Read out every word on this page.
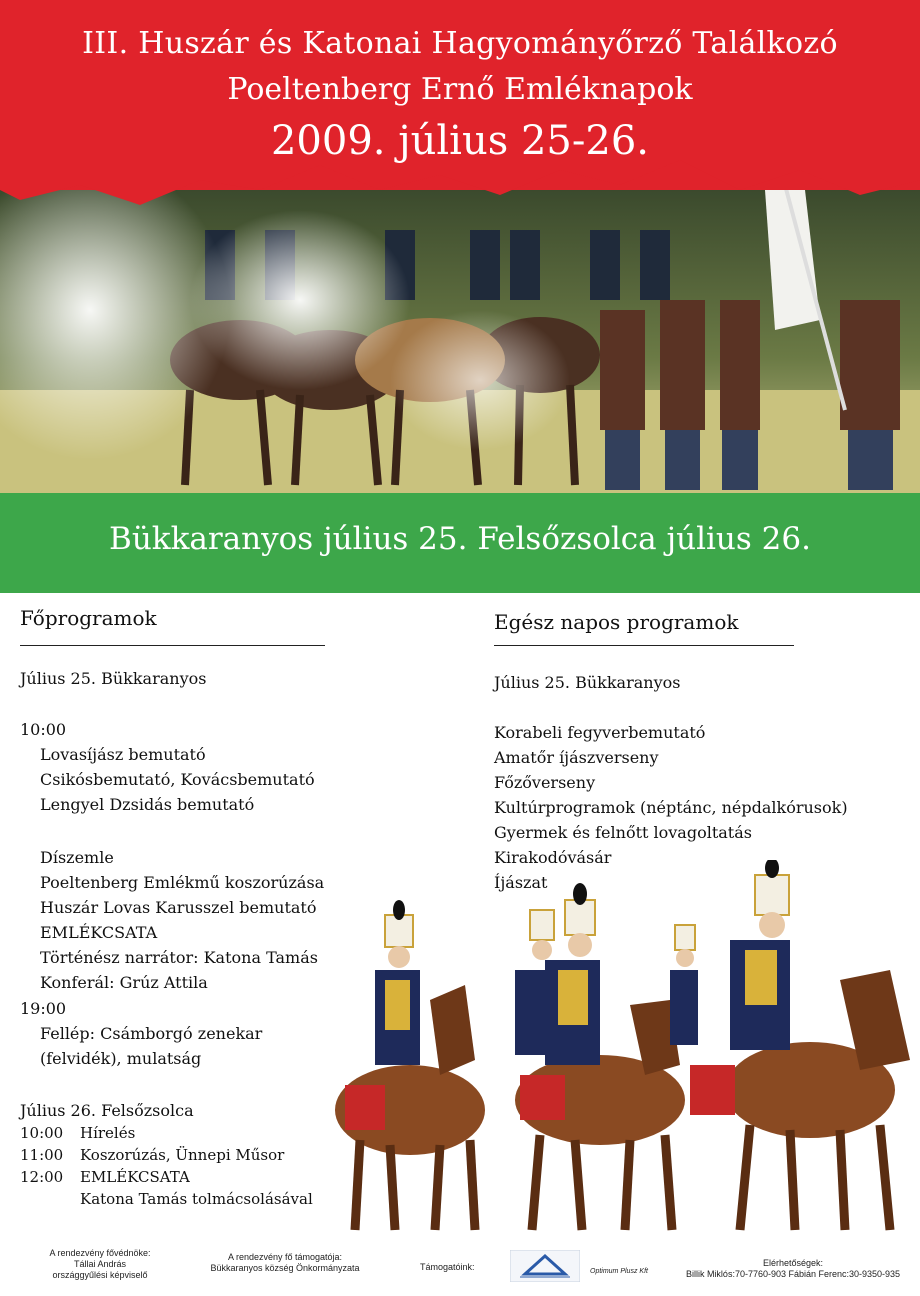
III. Huszár és Katonai Hagyományőrző Találkozó
Poeltenberg Ernő Emléknapok
2009. július 25-26.
Bükkaranyos július 25. Felsőzsolca július 26.
Főprogramok
Július 25. Bükkaranyos
10:00
Lovasíjász bemutató
Csikósbemutató, Kovácsbemutató
Lengyel Dzsidás bemutató
Díszemle
Poeltenberg Emlékmű koszorúzása
Huszár Lovas Karusszel bemutató
EMLÉKCSATA
Történész narrátor: Katona Tamás
Konferál: Grúz Attila
19:00
Fellép: Csámborgó zenekar
(felvidék), mulatság
Július 26. Felsőzsolca
10:00 Hírelés
11:00 Koszorúzás, Ünnepi Műsor
12:00 EMLÉKCSATA
Katona Tamás tolmácsolásával
Egész napos programok
Július 25. Bükkaranyos
Korabeli fegyverbemutató
Amatőr íjászverseny
Főzőverseny
Kultúrprogramok (néptánc, népdalkórusok)
Gyermek és felnőtt lovagoltatás
Kirakodóvásár
Íjászat
A rendezvény fővédnöke:
Tállai András
országgyűlési képviselő
A rendezvény fő támogatója:
Bükkaranyos község Önkormányzata	Támogatóink:	Optimum Plusz Kft
Elérhetőségek:
Billik Miklós:70-7760-903 Fábián Ferenc:30-9350-935
